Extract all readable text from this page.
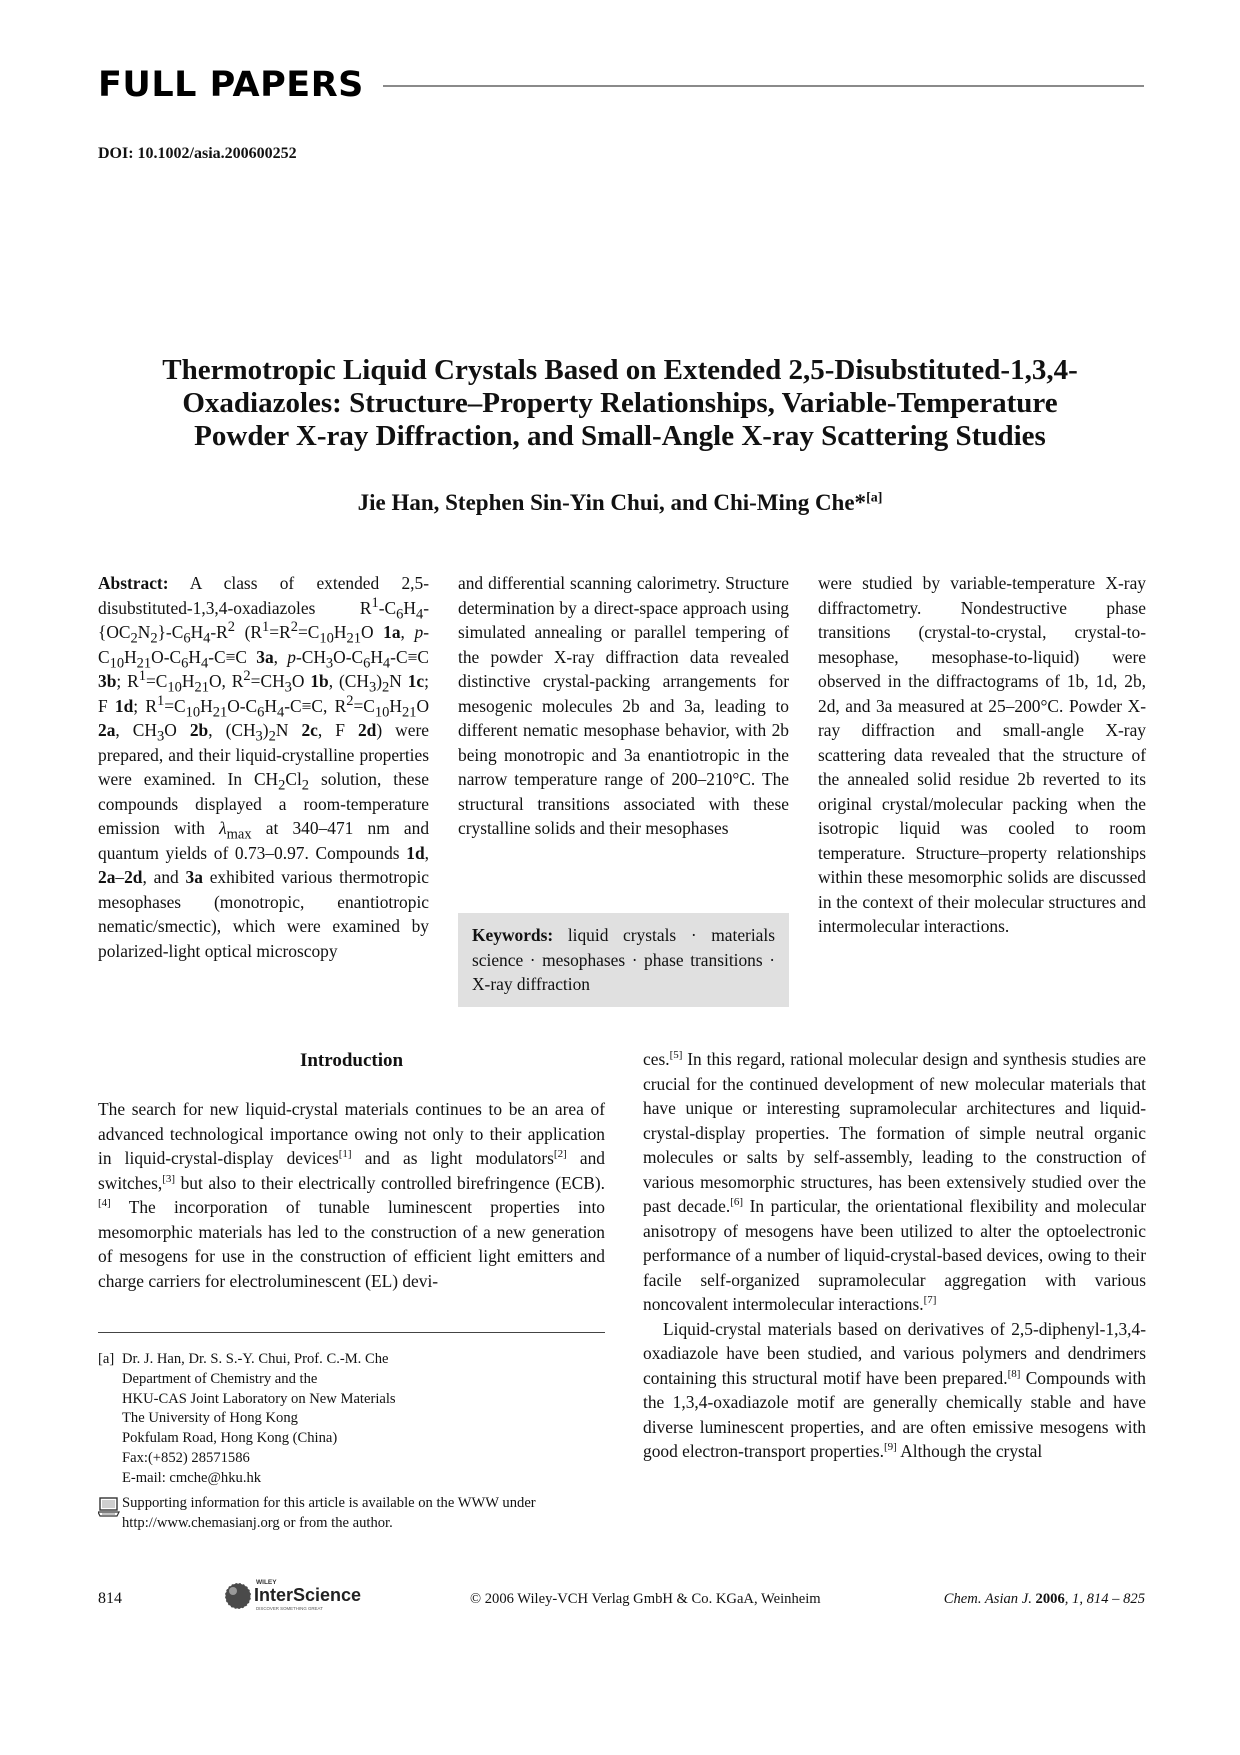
FULL PAPERS
DOI: 10.1002/asia.200600252
Thermotropic Liquid Crystals Based on Extended 2,5-Disubstituted-1,3,4-
Oxadiazoles: Structure–Property Relationships, Variable-Temperature
Powder X-ray Diffraction, and Small-Angle X-ray Scattering Studies
Jie Han, Stephen Sin-Yin Chui, and Chi-Ming Che*[a]

Abstract: A class of extended 2,5-disubstituted-1,3,4-oxadiazoles $R^1-C_6H_4-\{OC_2N_2\}-C_6H_4-R^2$ ($R^1=R^2=C_{10}H_{21}O$ 1a, $p-C_{10}H_{21}O-C_6H_4-C\equiv C$ 3a, $p-CH_3O-C_6H_4-C\equiv C$ 3b; $R^1=C_{10}H_{21}O$, $R^2=CH_3O$ 1b, $(CH_3)_2N$ 1c; F 1d; $R^1=C_{10}H_{21}O-C_6H_4-C\equiv C$, $R^2=C_{10}H_{21}O$ 2a, $CH_3O$ 2b, $(CH_3)_2N$ 2c, F 2d) were prepared, and their liquid-crystalline properties were examined. In $CH_2Cl_2$ solution, these compounds displayed a room-temperature emission with $\lambda_{max}$ at 340–471 nm and quantum yields of 0.73–0.97. Compounds 1d, 2a–2d, and 3a exhibited various thermotropic mesophases (monotropic, enantiotropic nematic/smectic), which were examined by polarized-light optical microscopy

and differential scanning calorimetry. Structure determination by a direct-space approach using simulated annealing or parallel tempering of the powder X-ray diffraction data revealed distinctive crystal-packing arrangements for mesogenic molecules 2b and 3a, leading to different nematic mesophase behavior, with 2b being monotropic and 3a enantiotropic in the narrow temperature range of 200–210°C. The structural transitions associated with these crystalline solids and their mesophases

Keywords: liquid crystals · materials science · mesophases · phase transitions · X-ray diffraction

were studied by variable-temperature X-ray diffractometry. Nondestructive phase transitions (crystal-to-crystal, crystal-to-mesophase, mesophase-to-liquid) were observed in the diffractograms of 1b, 1d, 2b, 2d, and 3a measured at 25–200°C. Powder X-ray diffraction and small-angle X-ray scattering data revealed that the structure of the annealed solid residue 2b reverted to its original crystal/molecular packing when the isotropic liquid was cooled to room temperature. Structure–property relationships within these mesomorphic solids are discussed in the context of their molecular structures and intermolecular interactions.

Introduction

The search for new liquid-crystal materials continues to be an area of advanced technological importance owing not only to their application in liquid-crystal-display devices[1] and as light modulators[2] and switches,[3] but also to their electrically controlled birefringence (ECB).[4] The incorporation of tunable luminescent properties into mesomorphic materials has led to the construction of a new generation of mesogens for use in the construction of efficient light emitters and charge carriers for electroluminescent (EL) devi-

ces.[5] In this regard, rational molecular design and synthesis studies are crucial for the continued development of new molecular materials that have unique or interesting supramolecular architectures and liquid-crystal-display properties. The formation of simple neutral organic molecules or salts by self-assembly, leading to the construction of various mesomorphic structures, has been extensively studied over the past decade.[6] In particular, the orientational flexibility and molecular anisotropy of mesogens have been utilized to alter the optoelectronic performance of a number of liquid-crystal-based devices, owing to their facile self-organized supramolecular aggregation with various noncovalent intermolecular interactions.[7]

Liquid-crystal materials based on derivatives of 2,5-diphenyl-1,3,4-oxadiazole have been studied, and various polymers and dendrimers containing this structural motif have been prepared.[8] Compounds with the 1,3,4-oxadiazole motif are generally chemically stable and have diverse luminescent properties, and are often emissive mesogens with good electron-transport properties.[9] Although the crystal

[a] Dr. J. Han, Dr. S. S.-Y. Chui, Prof. C.-M. Che
Department of Chemistry and the
HKU-CAS Joint Laboratory on New Materials
The University of Hong Kong
Pokfulam Road, Hong Kong (China)
Fax:(+852) 28571586
E-mail: cmche@hku.hk
Supporting information for this article is available on the WWW under http://www.chemasianj.org or from the author.
814
WILEY
InterScience
DISCOVER SOMETHING GREAT
© 2006 Wiley-VCH Verlag GmbH & Co. KGaA, Weinheim	Chem. Asian J. 2006, 1, 814 – 825
